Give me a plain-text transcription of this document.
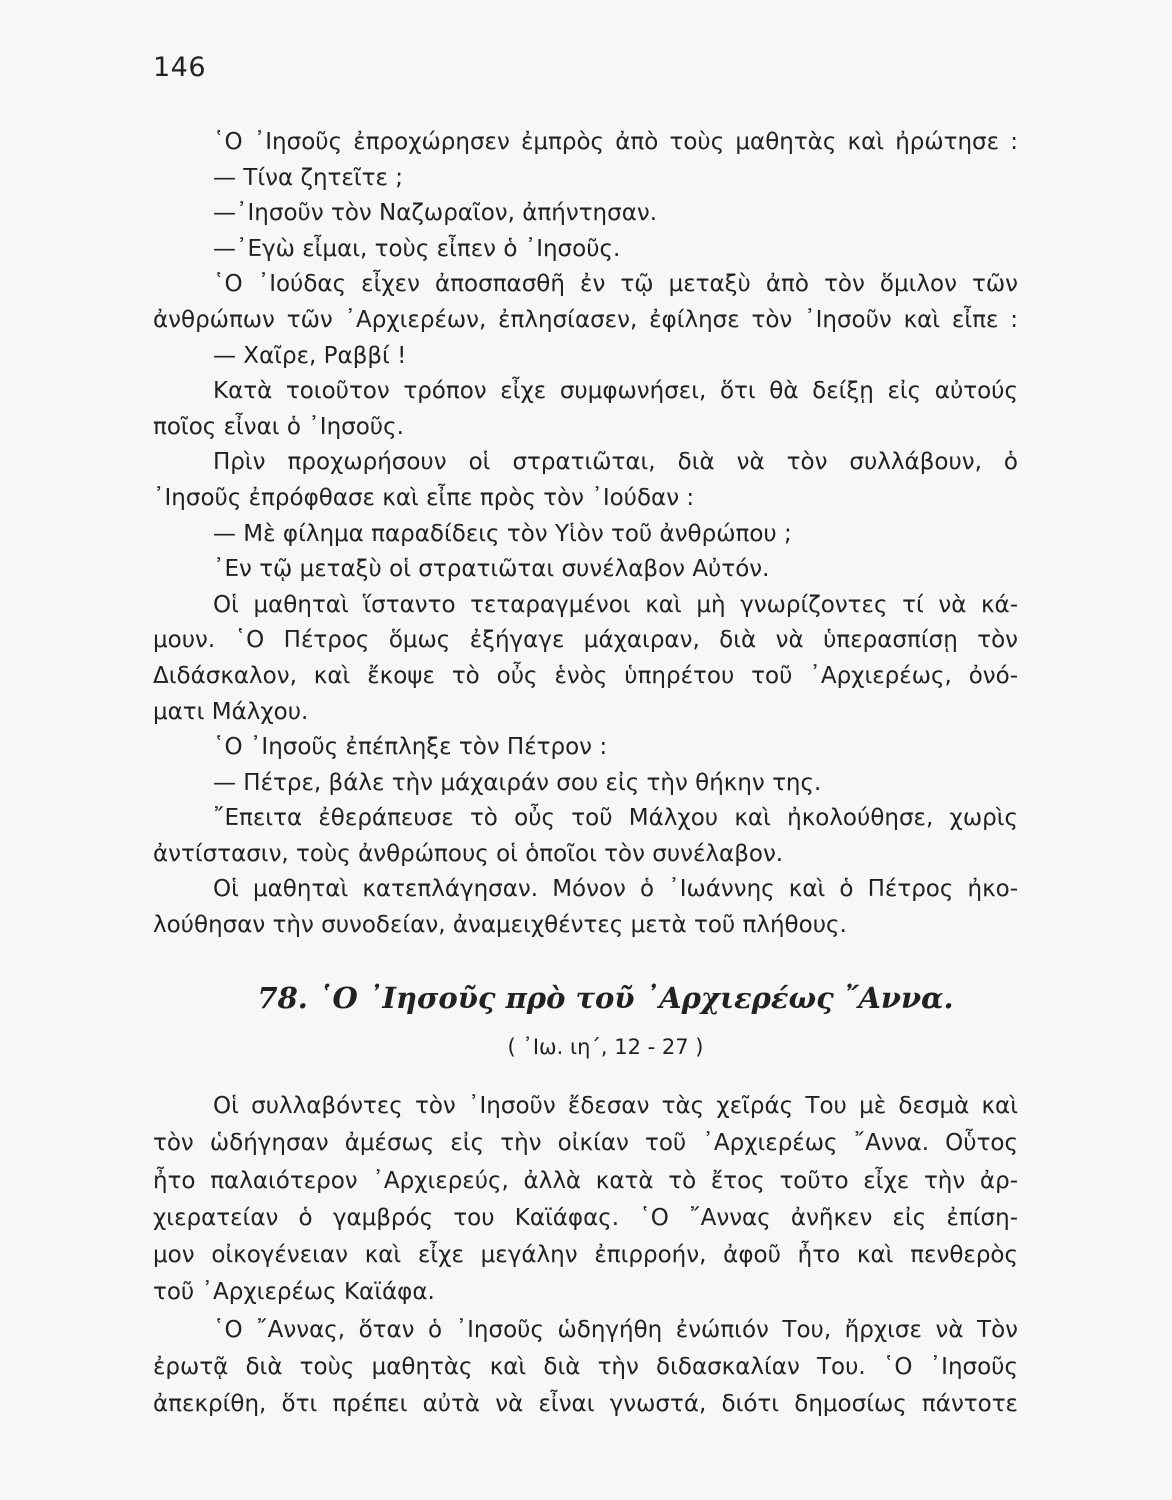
146
῾Ο ᾿Ιησοῦς ἐπροχώρησεν ἐμπρὸς ἀπὸ τοὺς μαθητὰς καὶ ἠρώτησε :
— Τίνα ζητεῖτε ;
—᾿Ιησοῦν τὸν Ναζωραῖον, ἀπήντησαν.
—᾿Εγὼ εἶμαι, τοὺς εἶπεν ὁ ᾿Ιησοῦς.
῾Ο ᾿Ιούδας εἶχεν ἀποσπασθῆ ἐν τῷ μεταξὺ ἀπὸ τὸν ὅμιλον τῶν
ἀνθρώπων τῶν ᾿Αρχιερέων, ἐπλησίασεν, ἐφίλησε τὸν ᾿Ιησοῦν καὶ εἶπε :
— Χαῖρε, Ραββί !
Κατὰ τοιοῦτον τρόπον εἶχε συμφωνήσει, ὅτι θὰ δείξῃ εἰς αὐτούς
ποῖος εἶναι ὁ ᾿Ιησοῦς.
Πρὶν προχωρήσουν οἱ στρατιῶται, διὰ νὰ τὸν συλλάβουν, ὁ
᾿Ιησοῦς ἐπρόφθασε καὶ εἶπε πρὸς τὸν ᾿Ιούδαν :
— Μὲ φίλημα παραδίδεις τὸν Υἱὸν τοῦ ἀνθρώπου ;
᾿Εν τῷ μεταξὺ οἱ στρατιῶται συνέλαβον Αὐτόν.
Οἱ μαθηταὶ ἵσταντο τεταραγμένοι καὶ μὴ γνωρίζοντες τί νὰ κά-
μουν. ῾Ο Πέτρος ὅμως ἐξήγαγε μάχαιραν, διὰ νὰ ὑπερασπίσῃ τὸν
Διδάσκαλον, καὶ ἔκοψε τὸ οὖς ἑνὸς ὑπηρέτου τοῦ ᾿Αρχιερέως, ὀνό-
ματι Μάλχου.
῾Ο ᾿Ιησοῦς ἐπέπληξε τὸν Πέτρον :
— Πέτρε, βάλε τὴν μάχαιράν σου εἰς τὴν θήκην της.
῎Επειτα ἐθεράπευσε τὸ οὖς τοῦ Μάλχου καὶ ἠκολούθησε, χωρὶς
ἀντίστασιν, τοὺς ἀνθρώπους οἱ ὁποῖοι τὸν συνέλαβον.
Οἱ μαθηταὶ κατεπλάγησαν. Μόνον ὁ ᾿Ιωάννης καὶ ὁ Πέτρος ἠκο-
λούθησαν τὴν συνοδείαν, ἀναμειχθέντες μετὰ τοῦ πλήθους.
78. ῾Ο ᾿Ιησοῦς πρὸ τοῦ ᾿Αρχιερέως ῎Αννα.
( ᾿Ιω. ιη΄, 12 - 27 )
Οἱ συλλαβόντες τὸν ᾿Ιησοῦν ἔδεσαν τὰς χεῖράς Του μὲ δεσμὰ καὶ
τὸν ὡδήγησαν ἀμέσως εἰς τὴν οἰκίαν τοῦ ᾿Αρχιερέως ῎Αννα. Οὗτος
ἦτο παλαιότερον ᾿Αρχιερεύς, ἀλλὰ κατὰ τὸ ἔτος τοῦτο εἶχε τὴν ἀρ-
χιερατείαν ὁ γαμβρός του Καϊάφας. ῾Ο ῎Αννας ἀνῆκεν εἰς ἐπίση-
μον οἰκογένειαν καὶ εἶχε μεγάλην ἐπιρροήν, ἀφοῦ ἦτο καὶ πενθερὸς
τοῦ ᾿Αρχιερέως Καϊάφα.
῾Ο ῎Αννας, ὅταν ὁ ᾿Ιησοῦς ὡδηγήθη ἐνώπιόν Του, ἤρχισε νὰ Τὸν
ἐρωτᾷ διὰ τοὺς μαθητὰς καὶ διὰ τὴν διδασκαλίαν Του. ῾Ο ᾿Ιησοῦς
ἀπεκρίθη, ὅτι πρέπει αὐτὰ νὰ εἶναι γνωστά, διότι δημοσίως πάντοτε
